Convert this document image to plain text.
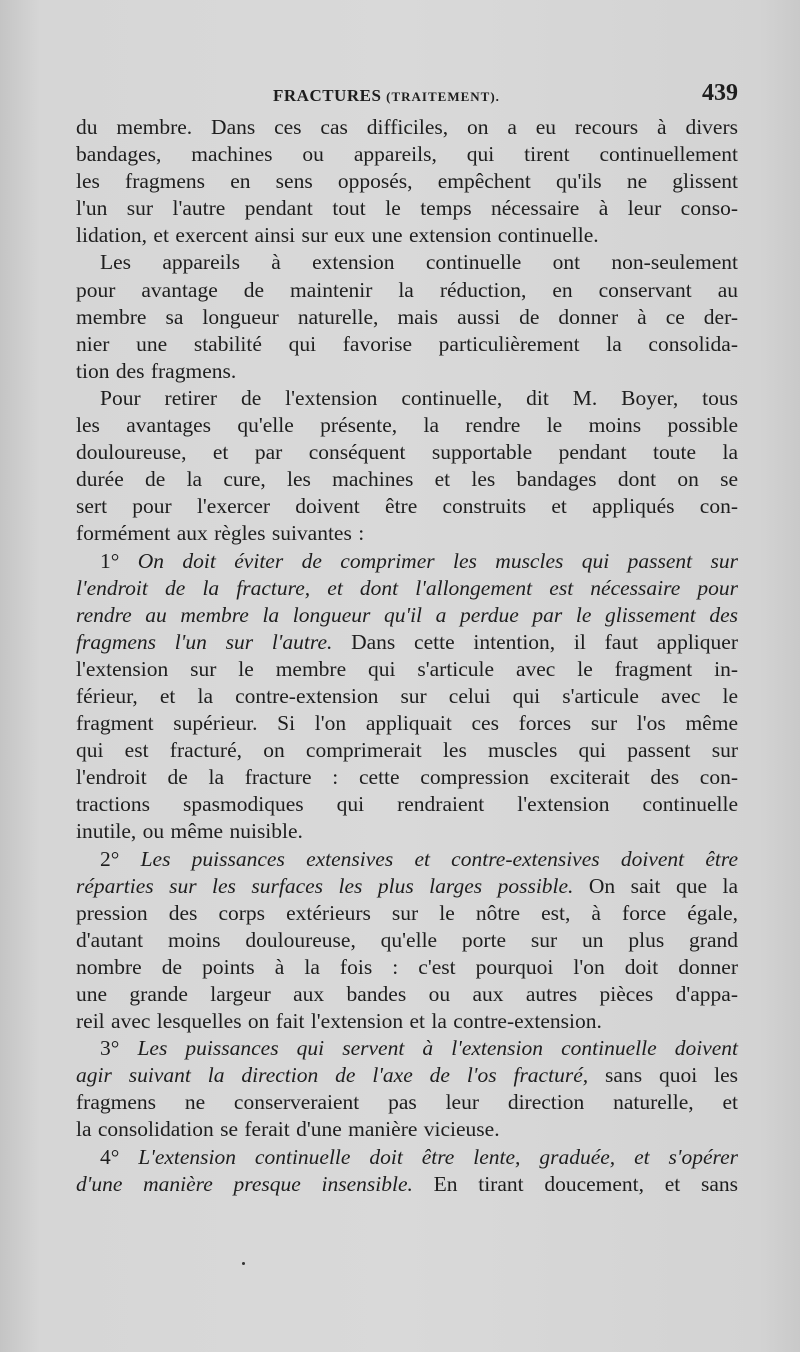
FRACTURES (TRAITEMENT).	439
du membre. Dans ces cas difficiles, on a eu recours à divers
bandages, machines ou appareils, qui tirent continuellement
les fragmens en sens opposés, empêchent qu'ils ne glissent
l'un sur l'autre pendant tout le temps nécessaire à leur conso-
lidation, et exercent ainsi sur eux une extension continuelle.
Les appareils à extension continuelle ont non-seulement
pour avantage de maintenir la réduction, en conservant au
membre sa longueur naturelle, mais aussi de donner à ce der-
nier une stabilité qui favorise particulièrement la consolida-
tion des fragmens.
Pour retirer de l'extension continuelle, dit M. Boyer, tous
les avantages qu'elle présente, la rendre le moins possible
douloureuse, et par conséquent supportable pendant toute la
durée de la cure, les machines et les bandages dont on se
sert pour l'exercer doivent être construits et appliqués con-
formément aux règles suivantes :
1° On doit éviter de comprimer les muscles qui passent sur
l'endroit de la fracture, et dont l'allongement est nécessaire pour
rendre au membre la longueur qu'il a perdue par le glissement des
fragmens l'un sur l'autre. Dans cette intention, il faut appliquer
l'extension sur le membre qui s'articule avec le fragment in-
férieur, et la contre-extension sur celui qui s'articule avec le
fragment supérieur. Si l'on appliquait ces forces sur l'os même
qui est fracturé, on comprimerait les muscles qui passent sur
l'endroit de la fracture : cette compression exciterait des con-
tractions spasmodiques qui rendraient l'extension continuelle
inutile, ou même nuisible.
2° Les puissances extensives et contre-extensives doivent être
réparties sur les surfaces les plus larges possible. On sait que la
pression des corps extérieurs sur le nôtre est, à force égale,
d'autant moins douloureuse, qu'elle porte sur un plus grand
nombre de points à la fois : c'est pourquoi l'on doit donner
une grande largeur aux bandes ou aux autres pièces d'appa-
reil avec lesquelles on fait l'extension et la contre-extension.
3° Les puissances qui servent à l'extension continuelle doivent
agir suivant la direction de l'axe de l'os fracturé, sans quoi les
fragmens ne conserveraient pas leur direction naturelle, et
la consolidation se ferait d'une manière vicieuse.
4° L'extension continuelle doit être lente, graduée, et s'opérer
d'une manière presque insensible. En tirant doucement, et sans
